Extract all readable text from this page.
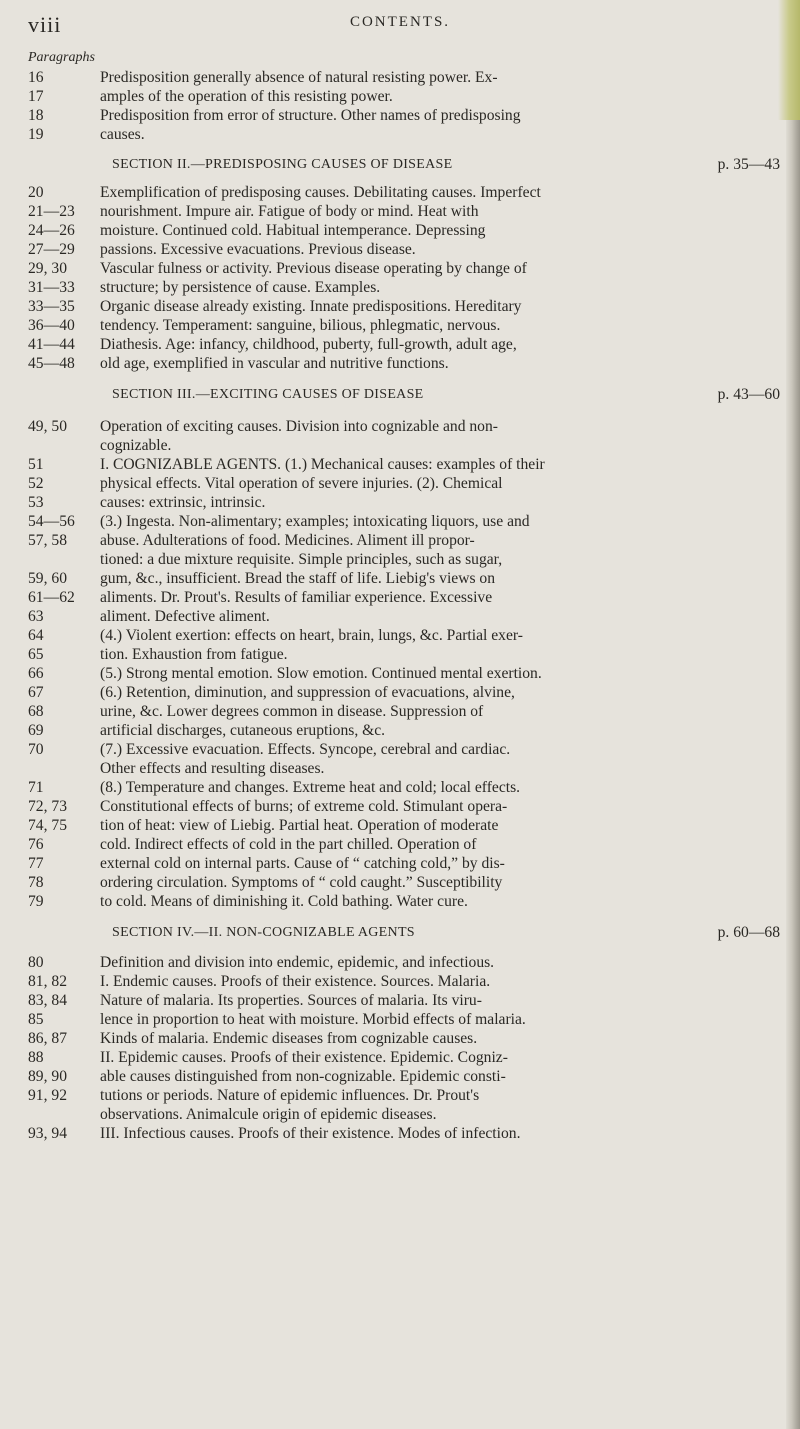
viii	CONTENTS.
Paragraphs
16	Predisposition generally absence of natural resisting power. Ex-
17	amples of the operation of this resisting power.
18	Predisposition from error of structure. Other names of predisposing
19	causes.
SECTION II.—PREDISPOSING CAUSES OF DISEASE	p. 35—43
20	Exemplification of predisposing causes. Debilitating causes. Imperfect
21—23 nourishment. Impure air. Fatigue of body or mind. Heat with
24—26 moisture. Continued cold. Habitual intemperance. Depressing
27—29 passions. Excessive evacuations. Previous disease.
29, 30 Vascular fulness or activity. Previous disease operating by change of
31—33 structure; by persistence of cause. Examples.
33—35 Organic disease already existing. Innate predispositions. Hereditary
36—40 tendency. Temperament: sanguine, bilious, phlegmatic, nervous.
41—44 Diathesis. Age: infancy, childhood, puberty, full-growth, adult age,
45—48 old age, exemplified in vascular and nutritive functions.
SECTION III.—EXCITING CAUSES OF DISEASE	p. 43—60
49, 50 Operation of exciting causes. Division into cognizable and non-
cognizable.
51	I. COGNIZABLE AGENTS. (1.) Mechanical causes: examples of their
52	physical effects. Vital operation of severe injuries. (2). Chemical
53	causes: extrinsic, intrinsic.
54—56 (3.) Ingesta. Non-alimentary; examples; intoxicating liquors, use and
57, 58 abuse. Adulterations of food. Medicines. Aliment ill propor-
tioned: a due mixture requisite. Simple principles, such as sugar,
59, 60 gum, &c., insufficient. Bread the staff of life. Liebig's views on
61—62 aliments. Dr. Prout's. Results of familiar experience. Excessive
63	aliment. Defective aliment.
64	(4.) Violent exertion: effects on heart, brain, lungs, &c. Partial exer-
65	tion. Exhaustion from fatigue.
66	(5.) Strong mental emotion. Slow emotion. Continued mental exertion.
67	(6.) Retention, diminution, and suppression of evacuations, alvine,
68	urine, &c. Lower degrees common in disease. Suppression of
69	artificial discharges, cutaneous eruptions, &c.
70	(7.) Excessive evacuation. Effects. Syncope, cerebral and cardiac.
Other effects and resulting diseases.
71	(8.) Temperature and changes. Extreme heat and cold; local effects.
72, 73 Constitutional effects of burns; of extreme cold. Stimulant opera-
74, 75 tion of heat: view of Liebig. Partial heat. Operation of moderate
76	cold. Indirect effects of cold in the part chilled. Operation of
77	external cold on internal parts. Cause of “ catching cold,” by dis-
78	ordering circulation. Symptoms of “ cold caught.” Susceptibility
79	to cold. Means of diminishing it. Cold bathing. Water cure.
SECTION IV.—II. NON-COGNIZABLE AGENTS	p. 60—68
80	Definition and division into endemic, epidemic, and infectious.
81, 82 I. Endemic causes. Proofs of their existence. Sources. Malaria.
83, 84 Nature of malaria. Its properties. Sources of malaria. Its viru-
85	lence in proportion to heat with moisture. Morbid effects of malaria.
86, 87 Kinds of malaria. Endemic diseases from cognizable causes.
88	II. Epidemic causes. Proofs of their existence. Epidemic. Cogniz-
89, 90 able causes distinguished from non-cognizable. Epidemic consti-
91, 92 tutions or periods. Nature of epidemic influences. Dr. Prout's
observations. Animalcule origin of epidemic diseases.
93, 94 III. Infectious causes. Proofs of their existence. Modes of infection.
